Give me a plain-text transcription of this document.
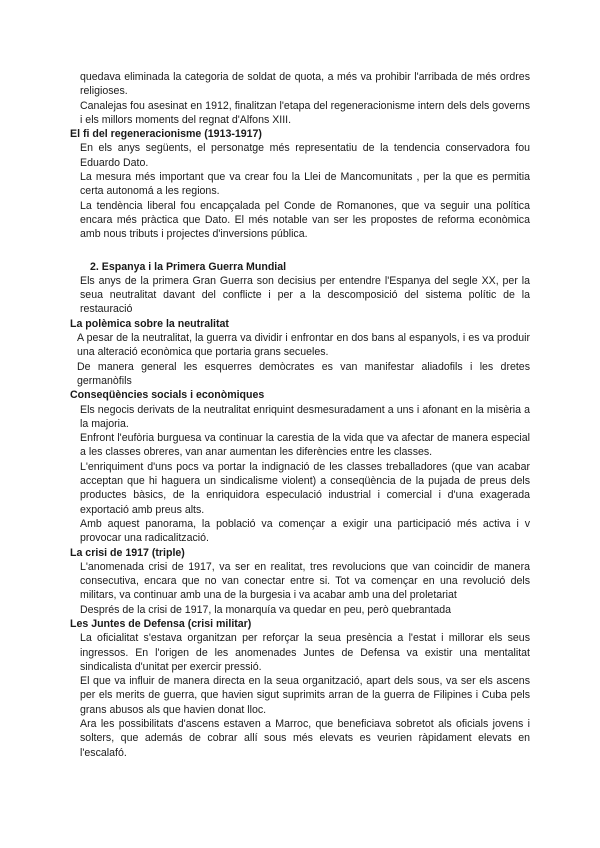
quedava eliminada la categoria de soldat de quota, a més va prohibir l'arribada de més ordres religioses.

Canalejas fou asesinat en 1912, finalitzan l'etapa del regeneracionisme intern dels dels governs i els millors moments del regnat d'Alfons XIII.

El fi del regeneracionisme (1913-1917)

En els anys següents, el personatge més representatiu de la tendencia conservadora fou Eduardo Dato.

La mesura més important que va crear fou la Llei de Mancomunitats , per la que es permitia certa autonomá a les regions.

La tendència liberal fou encapçalada pel Conde de Romanones, que va seguir una política encara més pràctica que Dato. El més notable van ser les propostes de reforma econòmica amb nous tributs i projectes d'inversions pública.

2. Espanya i la Primera Guerra Mundial

Els anys de la primera Gran Guerra son decisius per entendre l'Espanya del segle XX, per la seua neutralitat davant del conflicte i per a la descomposició del sistema polític de la restauració

La polèmica sobre la neutralitat

A pesar de la neutralitat, la guerra va dividir i enfrontar en dos bans al espanyols, i es va produir una alteració econòmica que portaria grans secueles.

De manera general les esquerres demòcrates es van manifestar aliadofils i les dretes germanòfils

Conseqüències socials i econòmiques

Els negocis derivats de la neutralitat enriquint desmesuradament a uns i afonant en la misèria a la majoria.

Enfront l'eufòria burguesa va continuar la carestia de la vida que va afectar de manera especial a les classes obreres, van anar aumentan les diferències entre les classes.

L'enriquiment d'uns pocs va portar la indignació de les classes treballadores (que van acabar acceptan que hi haguera un sindicalisme violent) a conseqüència de la pujada de preus dels productes bàsics, de la enriquidora especulació industrial i comercial i d'una exagerada exportació amb preus alts.

Amb aquest panorama, la població va començar a exigir una participació més activa i v provocar una radicalització.

La crisi de 1917 (triple)

L'anomenada crisi de 1917, va ser en realitat, tres revolucions que van coincidir de manera consecutiva, encara que no van conectar entre si. Tot va començar en una revolució dels militars, va continuar amb una de la burgesia i va acabar amb una del proletariat

Després de la crisi de 1917, la monarquía va quedar en peu, però quebrantada

Les Juntes de Defensa (crisi militar)

La oficialitat s'estava organitzan per reforçar la seua presència a l'estat i millorar els seus ingressos. En l'origen de les anomenades Juntes de Defensa va existir una mentalitat sindicalista d'unitat per exercir pressió.

El que va influir de manera directa en la seua organització, apart dels sous, va ser els ascens per els merits de guerra, que havien sigut suprimits arran de la guerra de Filipines i Cuba pels grans abusos als que havien donat lloc.

Ara les possibilitats d'ascens estaven a Marroc, que beneficiava sobretot als oficials jovens i solters, que además de cobrar allí sous més elevats es veurien ràpidament elevats en l'escalafó.
